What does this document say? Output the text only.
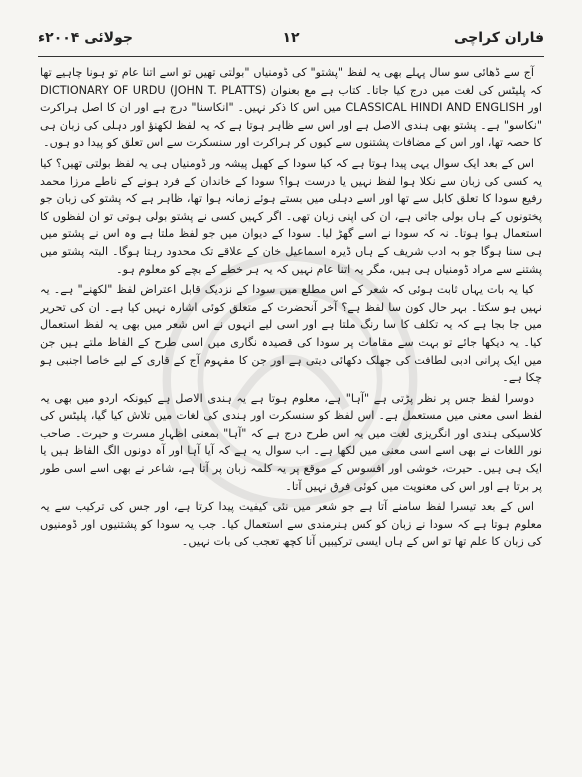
فاران کراچی
١٢
جولائی ۲۰۰۴ء

آج سے ڈھائی سو سال پہلے بھی یہ لفظ "پشتو" کی ڈومنیاں "بولتی تھیں تو اسے اتنا عام تو ہونا چاہیے تھا کہ پلیٹس کی لغت میں درج کیا جاتا۔ کتاب ہے مع بعنوان DICTIONARY OF URDU (JOHN T. PLATTS) اور CLASSICAL HINDI AND ENGLISH میں اس کا ذکر نہیں۔ "انکاسنا" درج ہے اور ان کا اصل ہراکرت "نکاسو" ہے۔ پشتو بھی ہندی الاصل ہے اور اس سے ظاہر ہوتا ہے کہ یہ لفظ لکھنؤ اور دہلی کی زبان ہی کا حصہ تھا، اور اس کے مضافات پشتنوں سے کیوں کر ہراکرت اور سنسکرت سے اس تعلق کو پیدا دو ہوں۔

اس کے بعد ایک سوال یہی پیدا ہوتا ہے کہ کیا سودا کے کھیل پیشہ ور ڈومنیاں ہی یہ لفظ بولتی تھیں؟ کیا یہ کسی کی زبان سے نکلا ہوا لفظ نہیں یا درست ہوا؟ سودا کے خاندان کے فرد ہونے کے ناطے مرزا محمد رفیع سودا کا تعلق کابل سے تھا اور اسے دہلی میں بستے ہوئے زمانہ ہوا تھا، ظاہر ہے کہ پشتو کی زبان جو پختونوں کے ہاں بولی جاتی ہے، ان کی اپنی زبان تھی۔ اگر کہیں کسی نے پشتو بولی ہوتی تو ان لفظوں کا استعمال ہوا ہوتا۔ نہ کہ سودا نے اسے گھڑ لیا۔ سودا کے دیوان میں جو لفظ ملتا ہے وہ اس نے پشتو میں ہی سنا ہوگا جو بہ ادب شریف کے ہاں ڈیرہ اسماعیل خان کے علاقے تک محدود رہتا ہوگا۔ البتہ پشتو میں پشتنے سے مراد ڈومنیاں ہی ہیں، مگر یہ اتنا عام نہیں کہ یہ ہر خطے کے بچے کو معلوم ہو۔

کیا یہ بات یہاں ثابت ہوئی کہ شعر کے اس مطلع میں سودا کے نزدیک قابل اعتراض لفظ "لکھنے" ہے۔ یہ نہیں ہو سکتا۔ بہر حال کون سا لفظ ہے؟ آخر آنحضرت کے متعلق کوئی اشارہ نہیں کیا ہے۔ ان کی تحریر میں جا بجا ہے کہ یہ تکلف کا سا رنگ ملتا ہے اور اسی لیے انہوں نے اس شعر میں بھی یہ لفظ استعمال کیا۔ یہ دیکھا جائے تو بہت سے مقامات پر سودا کی قصیدہ نگاری میں اسی طرح کے الفاظ ملتے ہیں جن میں ایک پرانی ادبی لطافت کی جھلک دکھائی دیتی ہے اور جن کا مفہوم آج کے قاری کے لیے خاصا اجنبی ہو چکا ہے۔

دوسرا لفظ جس پر نظر پڑتی ہے "آہا" ہے، معلوم ہوتا ہے یہ ہندی الاصل ہے کیونکہ اردو میں بھی یہ لفظ اسی معنی میں مستعمل ہے۔ اس لفظ کو سنسکرت اور ہندی کی لغات میں تلاش کیا گیا، پلیٹس کی کلاسیکی ہندی اور انگریزی لغت میں یہ اس طرح درج ہے کہ "آہا" بمعنی اظہارِ مسرت و حیرت۔ صاحب نور اللغات نے بھی اسے اسی معنی میں لکھا ہے۔ اب سوال یہ ہے کہ آیا آہا اور آہ دونوں الگ الفاظ ہیں یا ایک ہی ہیں۔ حیرت، خوشی اور افسوس کے موقع پر یہ کلمہ زبان پر آتا ہے، شاعر نے بھی اسے اسی طور پر برتا ہے اور اس کی معنویت میں کوئی فرق نہیں آتا۔

اس کے بعد تیسرا لفظ سامنے آتا ہے جو شعر میں نئی کیفیت پیدا کرتا ہے، اور جس کی ترکیب سے یہ معلوم ہوتا ہے کہ سودا نے زبان کو کس ہنرمندی سے استعمال کیا۔ جب یہ سودا کو پشتنیوں اور ڈومنیوں کی زبان کا علم تھا تو اس کے ہاں ایسی ترکیبیں آنا کچھ تعجب کی بات نہیں۔
